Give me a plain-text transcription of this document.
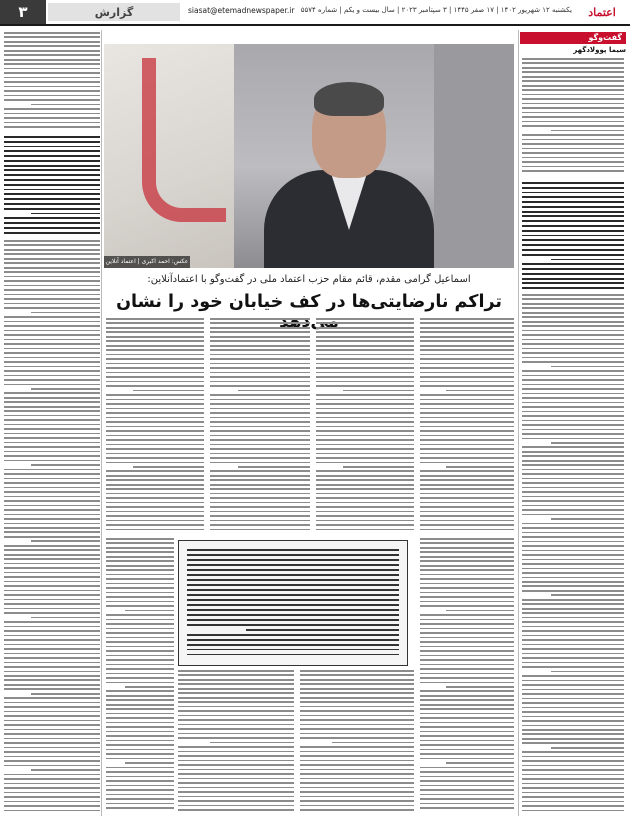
۳	گزارش	siasat@etemadnewspaper.ir یکشنبه ۱۲ شهریور ۱۴۰۲ | ۱۷ صفر ۱۴۴۵ | ۳ سپتامبر ۲۰۲۳ | سال بیست و یکم | شماره ۵۵۷۴	اعتماد
گفت‌وگو
سیما پوولاد‌گهر
عکس: احمد اکبری | اعتماد آنلاین
اسماعیل گرامی مقدم، قائم مقام حزب اعتماد ملی در گفت‌و‌گو با اعتماد‌آنلاین:
تراکم نارضایتی‌ها در کف خیابان خود را نشان
